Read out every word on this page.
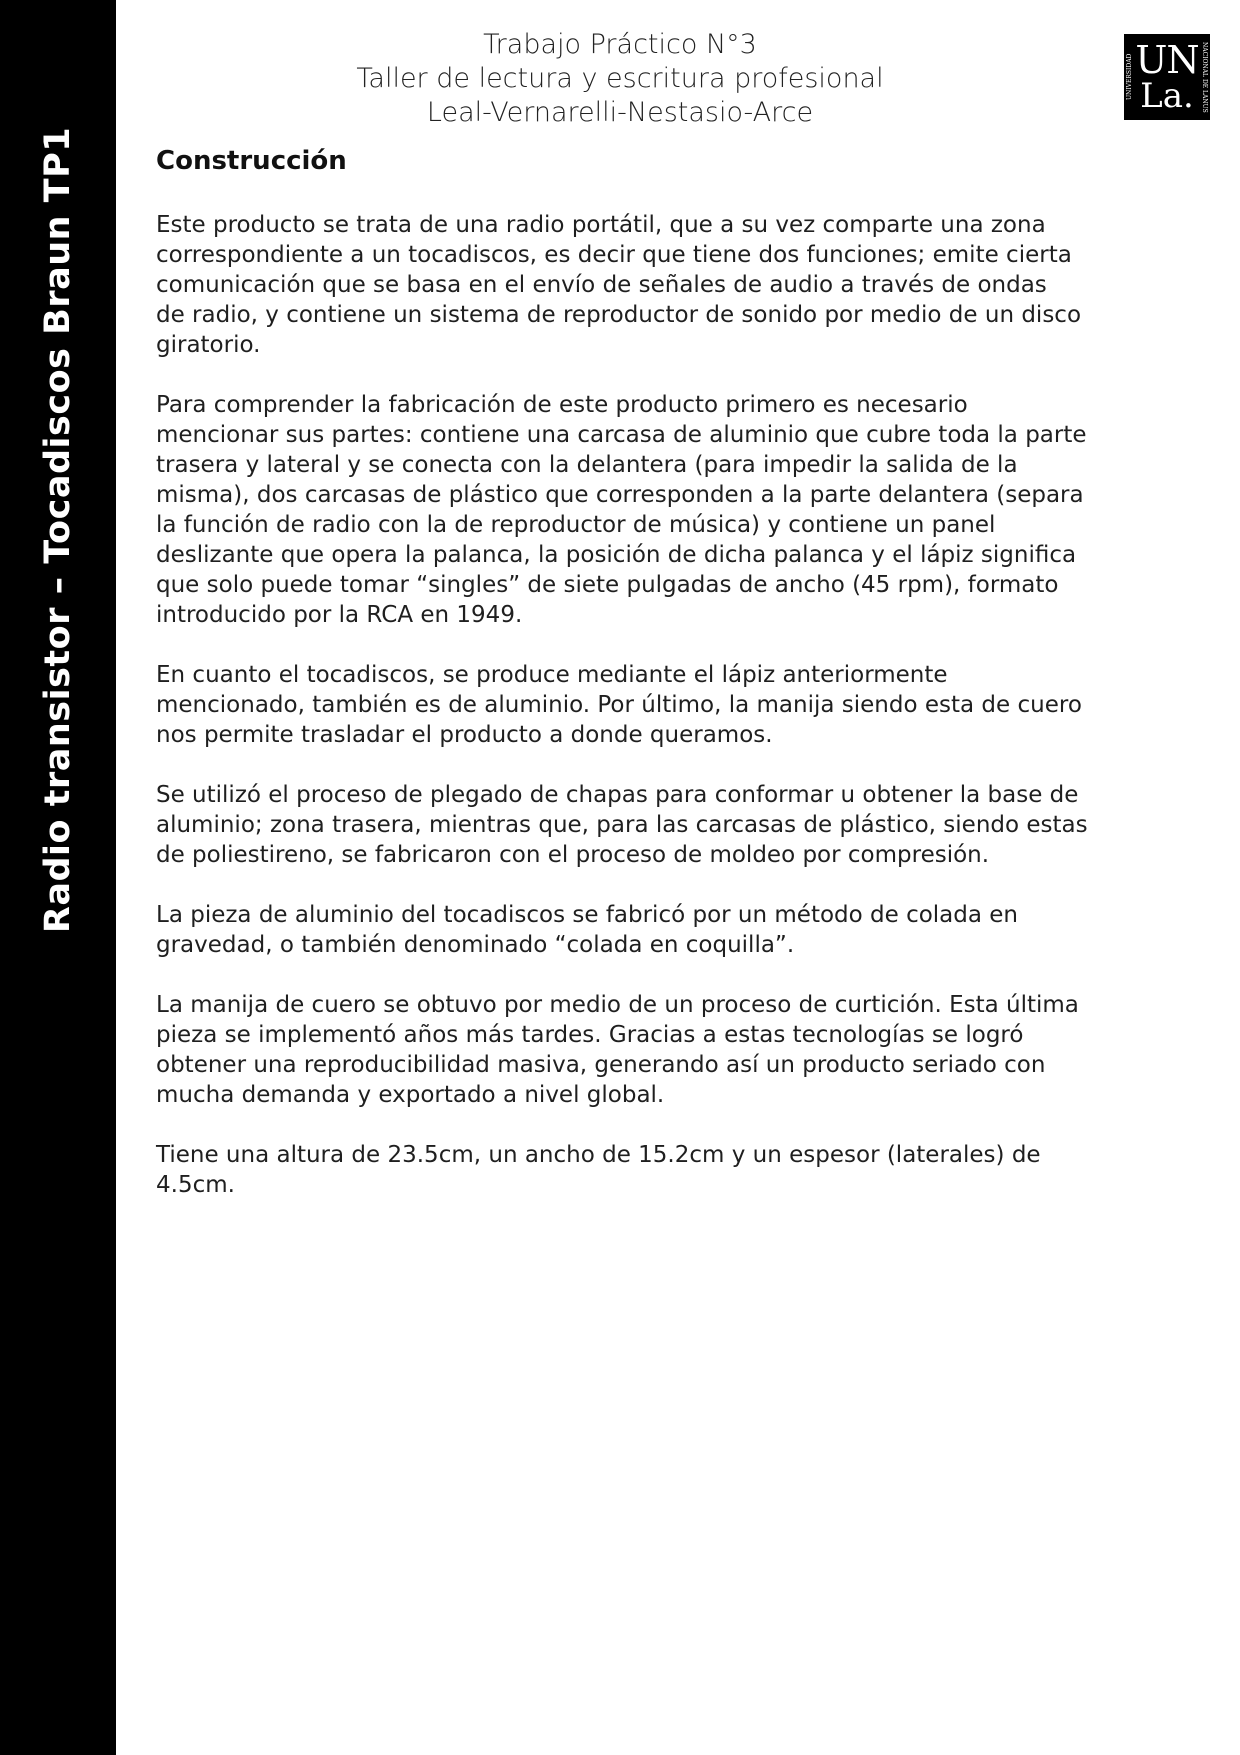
Radio transistor – Tocadiscos Braun TP1
Trabajo Práctico N°3
Taller de lectura y escritura profesional
Leal-Vernarelli-Nestasio-Arce
UNIVERSIDAD UN
La.	NACIONAL DE LANÚS
Construcción

Este producto se trata de una radio portátil, que a su vez comparte una zona correspondiente a un tocadiscos, es decir que tiene dos funciones; emite cierta comunicación que se basa en el envío de señales de audio a través de ondas
de radio, y contiene un sistema de reproductor de sonido por medio de un disco giratorio.

Para comprender la fabricación de este producto primero es necesario mencionar sus partes: contiene una carcasa de aluminio que cubre toda la parte trasera y lateral y se conecta con la delantera (para impedir la salida de la misma), dos carcasas de plástico que corresponden a la parte delantera (separa la función de radio con la de reproductor de música) y contiene un panel deslizante que opera la palanca, la posición de dicha palanca y el lápiz significa que solo puede tomar “singles” de siete pulgadas de ancho (45 rpm), formato introducido por la RCA en 1949.

En cuanto el tocadiscos, se produce mediante el lápiz anteriormente mencionado, también es de aluminio. Por último, la manija siendo esta de cuero nos permite trasladar el producto a donde queramos.

Se utilizó el proceso de plegado de chapas para conformar u obtener la base de aluminio; zona trasera, mientras que, para las carcasas de plástico, siendo estas de poliestireno, se fabricaron con el proceso de moldeo por compresión.

La pieza de aluminio del tocadiscos se fabricó por un método de colada en gravedad, o también denominado “colada en coquilla”.

La manija de cuero se obtuvo por medio de un proceso de curtición. Esta última pieza se implementó años más tardes. Gracias a estas tecnologías se logró obtener una reproducibilidad masiva, generando así un producto seriado con mucha demanda y exportado a nivel global.

Tiene una altura de 23.5cm, un ancho de 15.2cm y un espesor (laterales) de 4.5cm.
